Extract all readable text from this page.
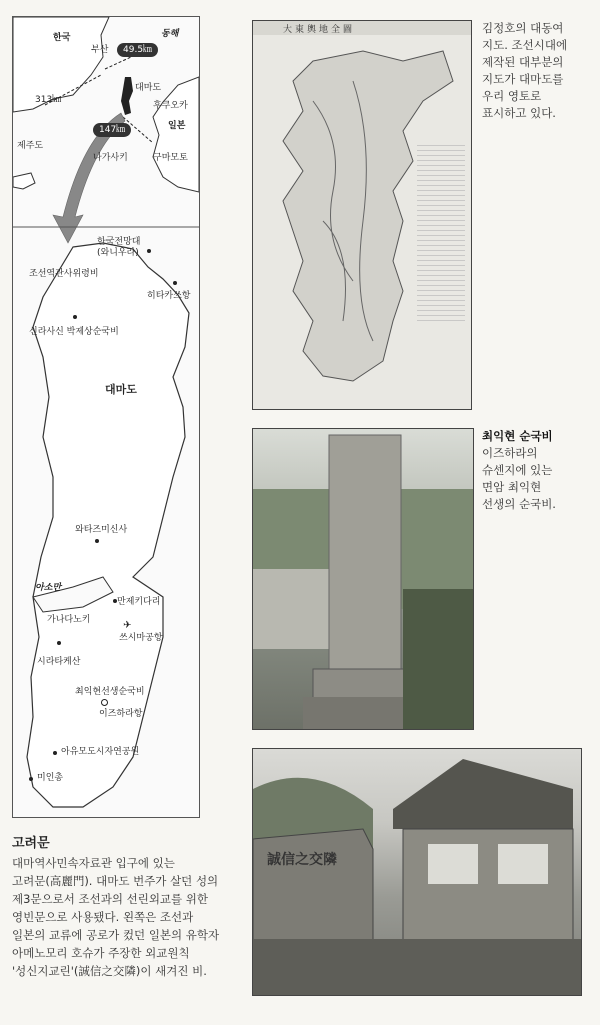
한국	동해
부산	49.5㎞
대마도
후쿠오카
313㎞
일본
147㎞
제주도
나가사키	구마모토
한국전망대
(와니우라)
조선역관사위령비
히타카쓰항
신라사신 박제상순국비
대마도
와타즈미신사
아소만
만제키다리
가나다노키
쓰시마공항
✈
시라타케산
최익현선생순국비
이즈하라항
아유모도시자연공원
미인총
고려문
대마역사민속자료관 입구에 있는
고려문(高麗門). 대마도 번주가 살던 성의
제3문으로서 조선과의 선린외교를 위한
영빈문으로 사용됐다. 왼쪽은 조선과
일본의 교류에 공로가 컸던 일본의 유학자
아메노모리 호슈가 주장한 외교원칙
'성신지교린'(誠信之交隣)이 새겨진 비.
大東輿地全圖	김정호의 대동여
지도. 조선시대에
제작된 대부분의
지도가 대마도를
우리 영토로
표시하고 있다.
최익현 순국비
이즈하라의
슈센지에 있는
면암 최익현
선생의 순국비.
誠信之交隣
